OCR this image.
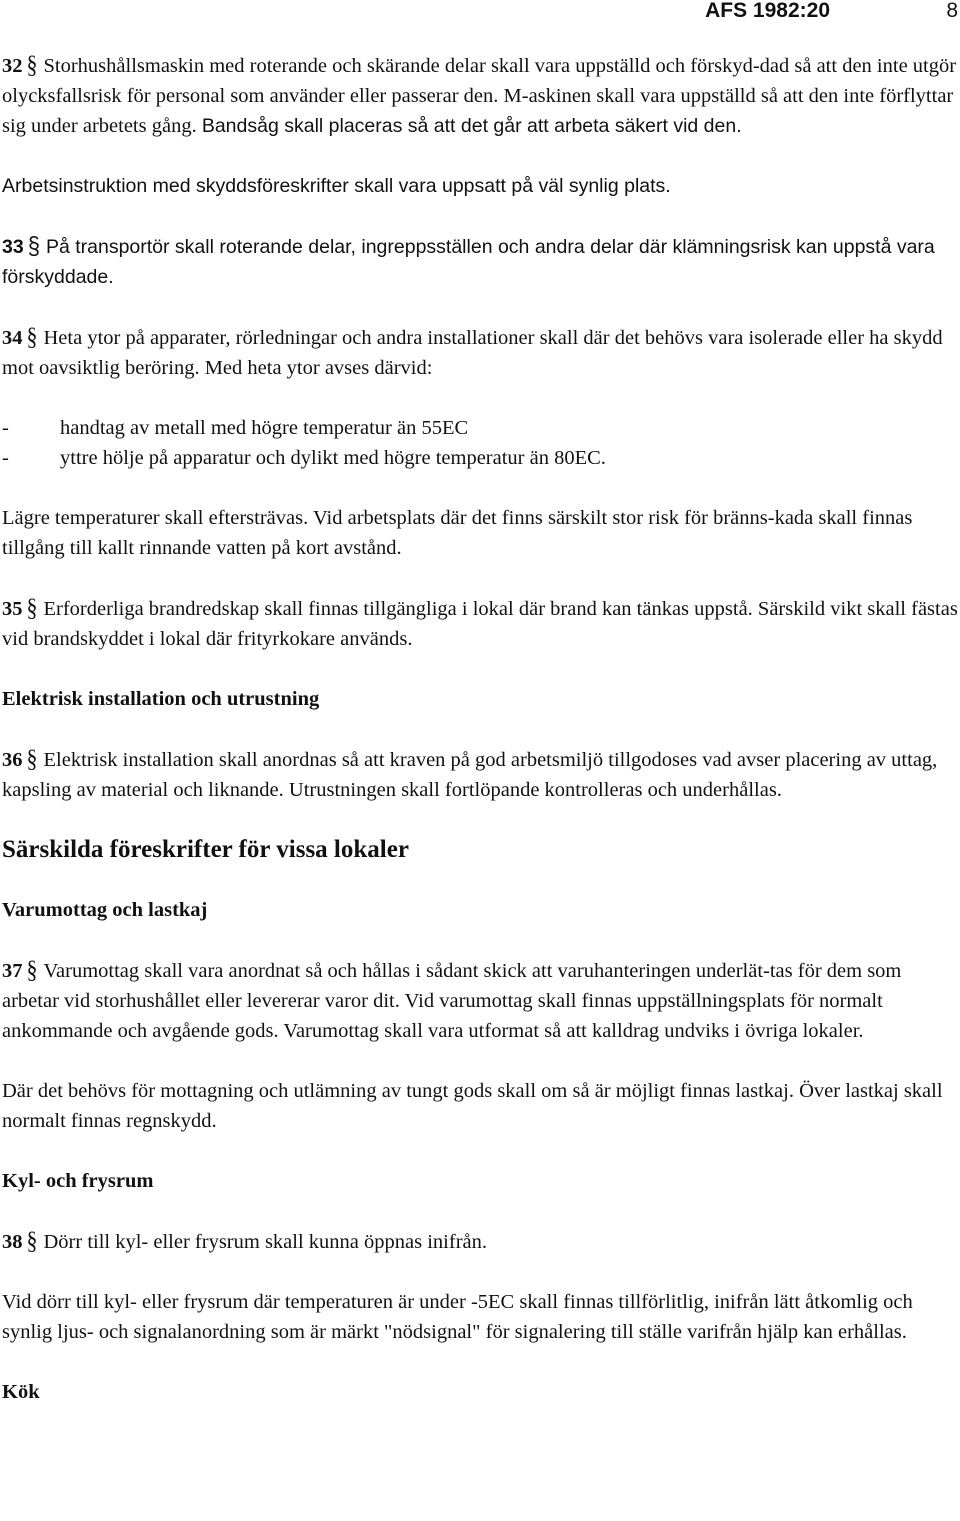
AFS 1982:20	8

32 § Storhushållsmaskin med roterande och skärande delar skall vara uppställd och förskyd-dad så att den inte utgör olycksfallsrisk för personal som använder eller passerar den. M-askinen skall vara uppställd så att den inte förflyttar sig under arbetets gång. Bandsåg skall placeras så att det går att arbeta säkert vid den.

Arbetsinstruktion med skyddsföreskrifter skall vara uppsatt på väl synlig plats.

33 § På transportör skall roterande delar, ingreppsställen och andra delar där klämningsrisk kan uppstå vara förskyddade.

34 § Heta ytor på apparater, rörledningar och andra installationer skall där det behövs vara isolerade eller ha skydd mot oavsiktlig beröring. Med heta ytor avses därvid:

- handtag av metall med högre temperatur än 55EC
- yttre hölje på apparatur och dylikt med högre temperatur än 80EC.

Lägre temperaturer skall eftersträvas. Vid arbetsplats där det finns särskilt stor risk för bränns-kada skall finnas tillgång till kallt rinnande vatten på kort avstånd.

35 § Erforderliga brandredskap skall finnas tillgängliga i lokal där brand kan tänkas uppstå. Särskild vikt skall fästas vid brandskyddet i lokal där frityrkokare används.

Elektrisk installation och utrustning

36 § Elektrisk installation skall anordnas så att kraven på god arbetsmiljö tillgodoses vad avser placering av uttag, kapsling av material och liknande. Utrustningen skall fortlöpande kontrolleras och underhållas.

Särskilda föreskrifter för vissa lokaler
Varumottag och lastkaj

37 § Varumottag skall vara anordnat så och hållas i sådant skick att varuhanteringen underlät-tas för dem som arbetar vid storhushållet eller levererar varor dit. Vid varumottag skall finnas uppställningsplats för normalt ankommande och avgående gods. Varumottag skall vara utformat så att kalldrag undviks i övriga lokaler.

Där det behövs för mottagning och utlämning av tungt gods skall om så är möjligt finnas lastkaj. Över lastkaj skall normalt finnas regnskydd.

Kyl- och frysrum

38 § Dörr till kyl- eller frysrum skall kunna öppnas inifrån.

Vid dörr till kyl- eller frysrum där temperaturen är under -5EC skall finnas tillförlitlig, inifrån lätt åtkomlig och synlig ljus- och signalanordning som är märkt "nödsignal" för signalering till ställe varifrån hjälp kan erhållas.

Kök
